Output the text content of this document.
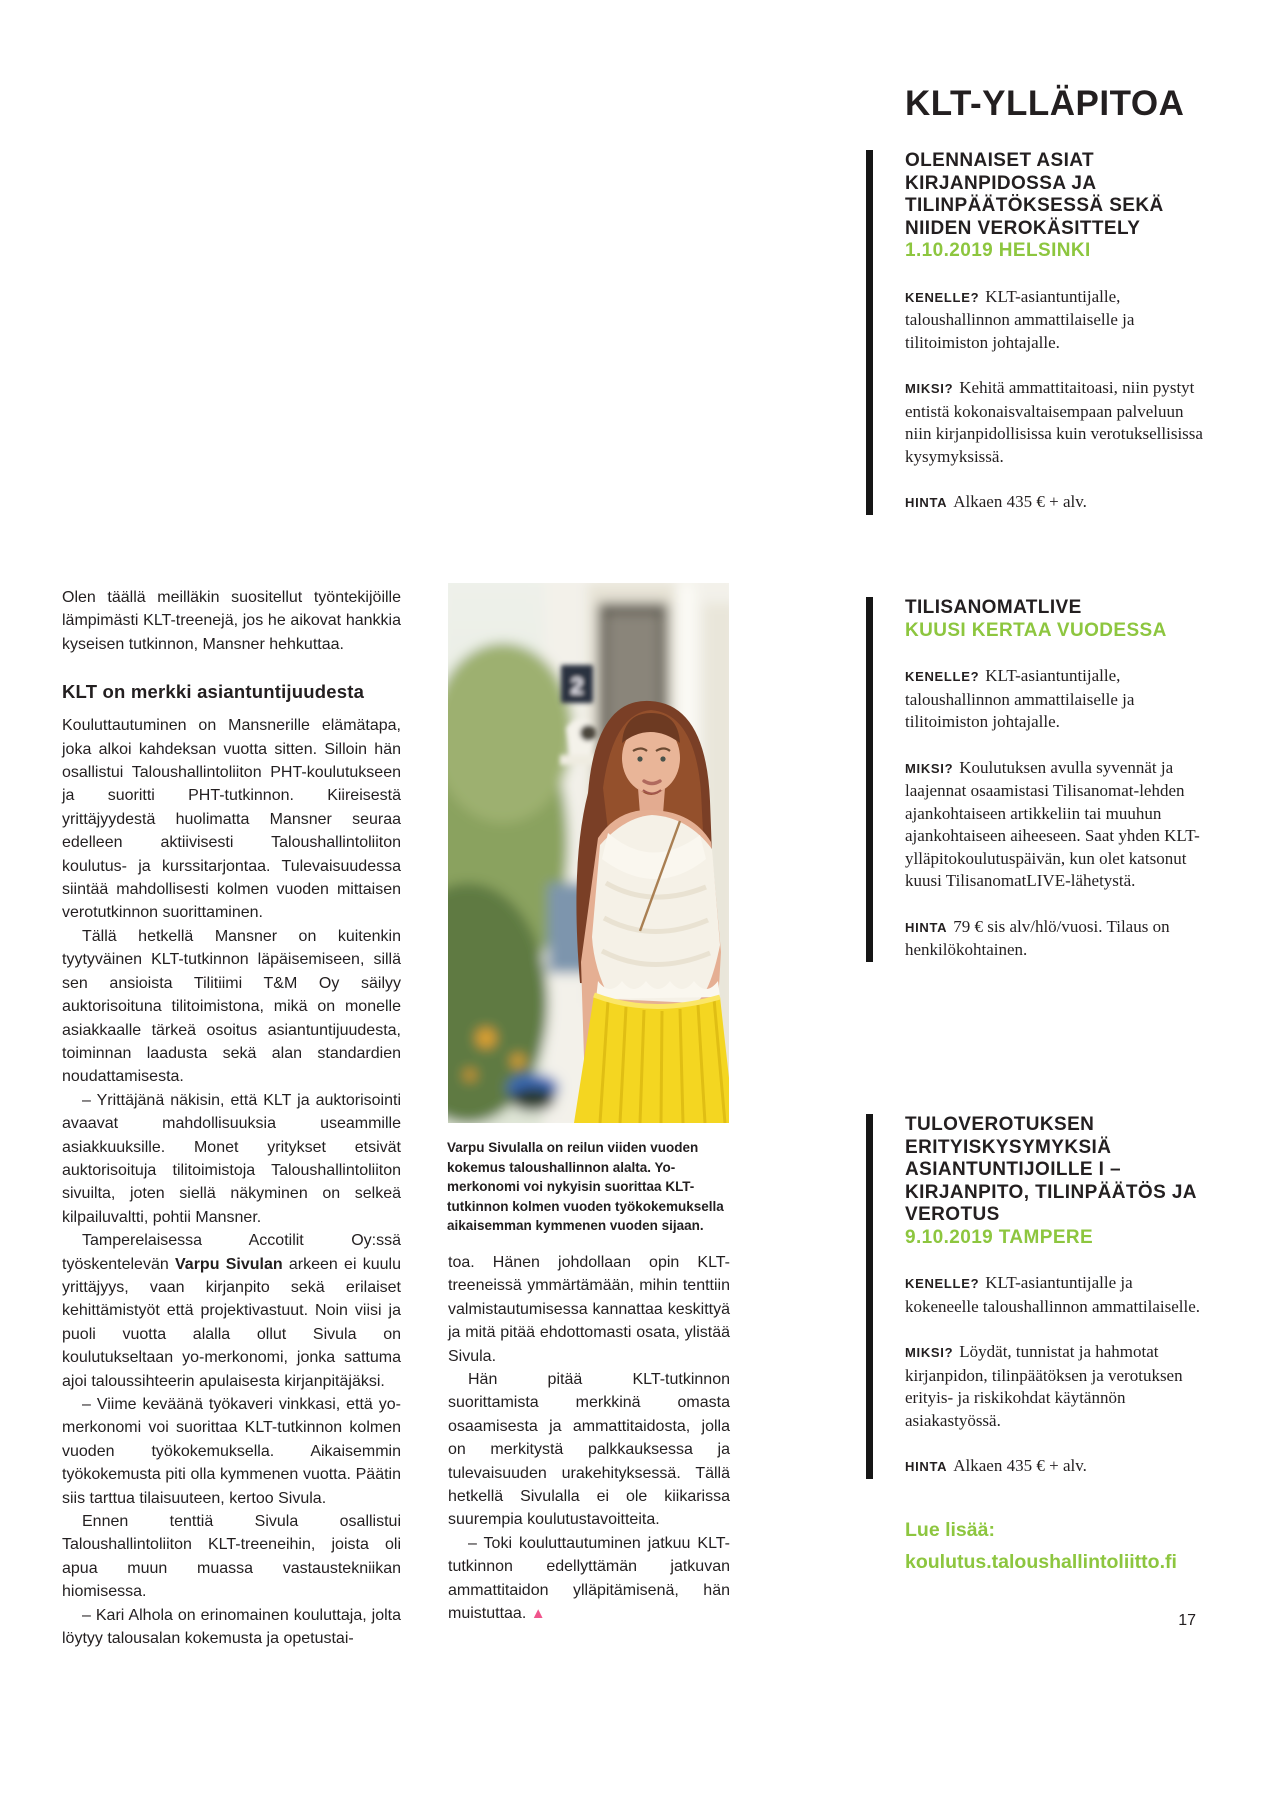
Olen täällä meilläkin suositellut työntekijöille lämpimästi KLT-treenejä, jos he aikovat hankkia kyseisen tutkinnon, Mansner hehkuttaa.

KLT on merkki asiantuntijuudesta

Kouluttautuminen on Mansnerille elämätapa, joka alkoi kahdeksan vuotta sitten. Silloin hän osallistui Taloushallintoliiton PHT-koulutukseen ja suoritti PHT-tutkinnon. Kiireisestä yrittäjyydestä huolimatta Mansner seuraa edelleen aktiivisesti Taloushallintoliiton koulutus- ja kurssitarjontaa. Tulevaisuudessa siintää mahdollisesti kolmen vuoden mittaisen verotutkinnon suorittaminen.

Tällä hetkellä Mansner on kuitenkin tyytyväinen KLT-tutkinnon läpäisemiseen, sillä sen ansioista Tilitiimi T&M Oy säilyy auktorisoituna tilitoimistona, mikä on monelle asiakkaalle tärkeä osoitus asiantuntijuudesta, toiminnan laadusta sekä alan standardien noudattamisesta.

– Yrittäjänä näkisin, että KLT ja auktorisointi avaavat mahdollisuuksia useammille asiakkuuksille. Monet yritykset etsivät auktorisoituja tilitoimistoja Taloushallintoliiton sivuilta, joten siellä näkyminen on selkeä kilpailuvaltti, pohtii Mansner.

Tamperelaisessa Accotilit Oy:ssä työskentelevän Varpu Sivulan arkeen ei kuulu yrittäjyys, vaan kirjanpito sekä erilaiset kehittämistyöt että projektivastuut. Noin viisi ja puoli vuotta alalla ollut Sivula on koulutukseltaan yo-merkonomi, jonka sattuma ajoi taloussihteerin apulaisesta kirjanpitäjäksi.

– Viime keväänä työkaveri vinkkasi, että yo-merkonomi voi suorittaa KLT-tutkinnon kolmen vuoden työkokemuksella. Aikaisemmin työkokemusta piti olla kymmenen vuotta. Päätin siis tarttua tilaisuuteen, kertoo Sivula.

Ennen tenttiä Sivula osallistui Taloushallintoliiton KLT-treeneihin, joista oli apua muun muassa vastaustekniikan hiomisessa.

– Kari Alhola on erinomainen kouluttaja, jolta löytyy talousalan kokemusta ja opetustai-

2

Varpu Sivulalla on reilun viiden vuoden kokemus taloushallinnon alalta. Yo-merkonomi voi nykyisin suorittaa KLT-tutkinnon kolmen vuoden työkokemuksella aikaisemman kymmenen vuoden sijaan.

toa. Hänen johdollaan opin KLT-treeneissä ymmärtämään, mihin tenttiin valmistautumisessa kannattaa keskittyä ja mitä pitää ehdottomasti osata, ylistää Sivula.

Hän pitää KLT-tutkinnon suorittamista merkkinä omasta osaamisesta ja ammattitaidosta, jolla on merkitystä palkkauksessa ja tulevaisuuden urakehityksessä. Tällä hetkellä Sivulalla ei ole kiikarissa suurempia koulutustavoitteita.

– Toki kouluttautuminen jatkuu KLT-tutkinnon edellyttämän jatkuvan ammattitaidon ylläpitämisenä, hän muistuttaa. ▲

KLT-YLLÄPITOA
OLENNAISET ASIAT KIRJANPIDOSSA JA TILINPÄÄTÖKSESSÄ SEKÄ NIIDEN VEROKÄSITTELY

1.10.2019 HELSINKI

KENELLE? KLT-asiantuntijalle, taloushallinnon ammattilaiselle ja tilitoimiston johtajalle.

MIKSI? Kehitä ammattitaitoasi, niin pystyt entistä kokonaisvaltaisempaan palveluun niin kirjanpidollisissa kuin verotuksellisissa kysymyksissä.

HINTA Alkaen 435 € + alv.

TILISANOMATLIVE

KUUSI KERTAA VUODESSA

KENELLE? KLT-asiantuntijalle, taloushallinnon ammattilaiselle ja tilitoimiston johtajalle.

MIKSI? Koulutuksen avulla syvennät ja laajennat osaamistasi Tilisanomat-lehden ajankohtaiseen artikkeliin tai muuhun ajankohtaiseen aiheeseen. Saat yhden KLT-ylläpitokoulutuspäivän, kun olet katsonut kuusi TilisanomatLIVE-lähetystä.

HINTA 79 € sis alv/hlö/vuosi. Tilaus on henkilökohtainen.

TULOVEROTUKSEN ERITYISKYSYMYKSIÄ ASIANTUNTIJOILLE I – KIRJANPITO, TILINPÄÄTÖS JA VEROTUS

9.10.2019 TAMPERE

KENELLE? KLT-asiantuntijalle ja kokeneelle taloushallinnon ammattilaiselle.

MIKSI? Löydät, tunnistat ja hahmotat kirjanpidon, tilinpäätöksen ja verotuksen erityis- ja riskikohdat käytännön asiakastyössä.

HINTA Alkaen 435 € + alv.

Lue lisää:
koulutus.taloushallintoliitto.fi

17
